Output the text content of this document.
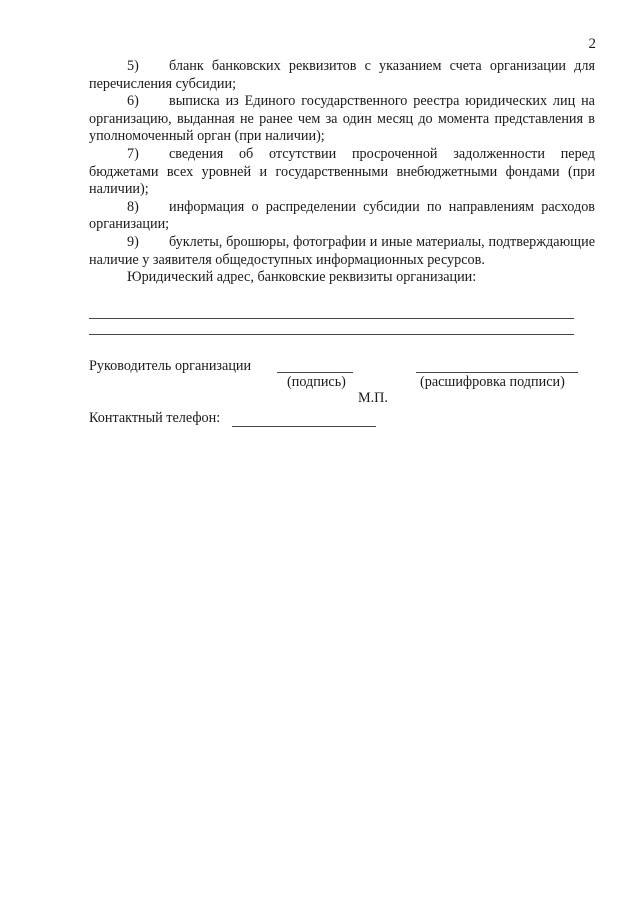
2

5) бланк банковских реквизитов с указанием счета организации для перечисления субсидии;

6) выписка из Единого государственного реестра юридических лиц на организацию, выданная не ранее чем за один месяц до момента представления в уполномоченный орган (при наличии);

7) сведения об отсутствии просроченной задолженности перед бюджетами всех уровней и государственными внебюджетными фондами (при наличии);

8) информация о распределении субсидии по направлениям расходов организации;

9) буклеты, брошюры, фотографии и иные материалы, подтверждающие наличие у заявителя общедоступных информационных ресурсов.

Юридический адрес, банковские реквизиты организации:

Руководитель организации
(подпись)	(расшифровка подписи)
М.П.
Контактный телефон:
